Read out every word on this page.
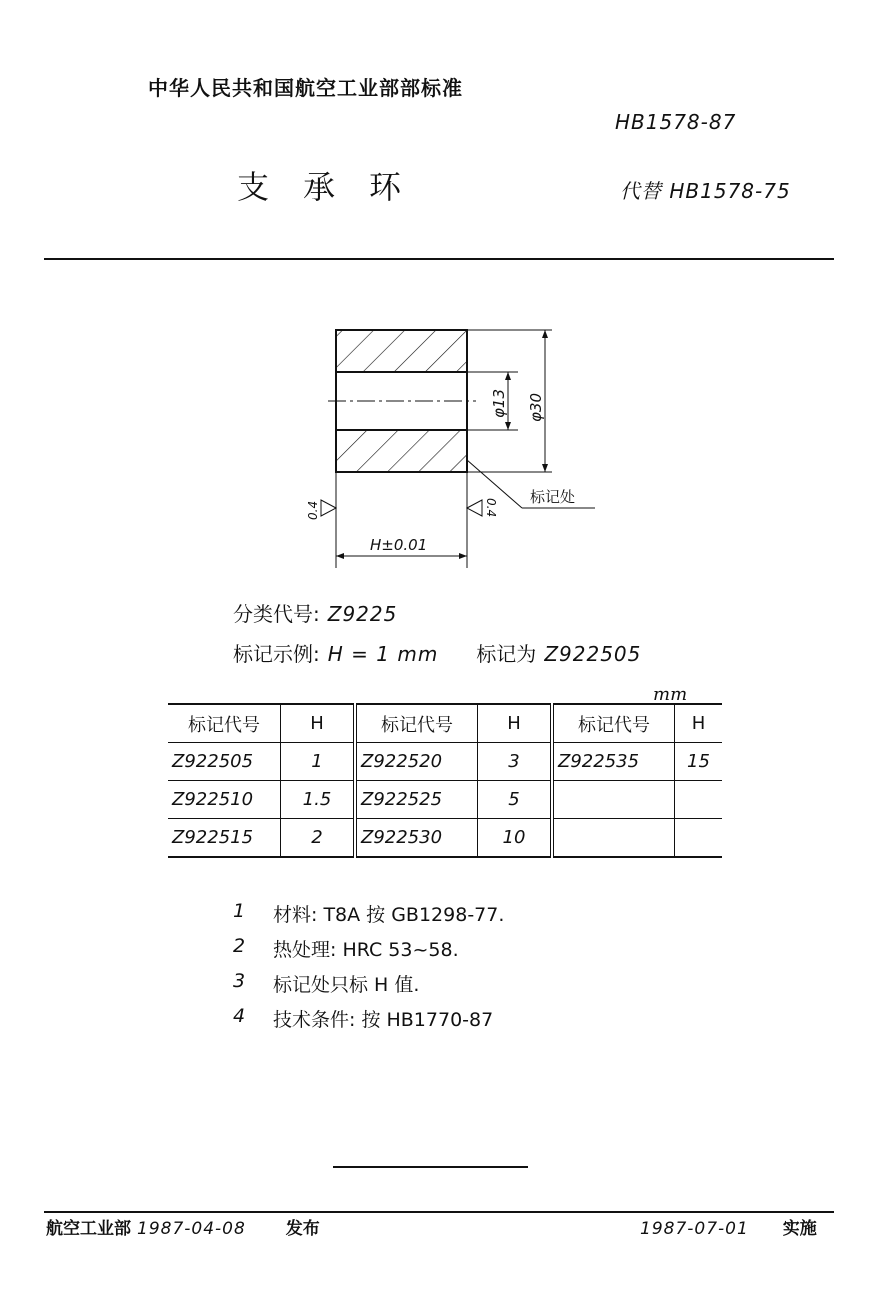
中华人民共和国航空工业部部标准
HB1578-87
支承环	代替 HB1578-75
φ13 φ30
H±0.01
0.4	0.4
标记处
分类代号: Z9225
标记示例: H = 1 mm 标记为 Z922505
mm
标记代号	H	标记代号	H	标记代号	H
Z922505	1	Z922520	3	Z922535	15
Z922510	1.5	Z922525	5		
Z922515	2	Z922530	10		
1	材料: T8A 按 GB1298-77.
2	热处理: HRC 53~58.
3	标记处只标 H 值.
4	技术条件: 按 HB1770-87
航空工业部 1987-04-08 发布	1987-07-01 实施
